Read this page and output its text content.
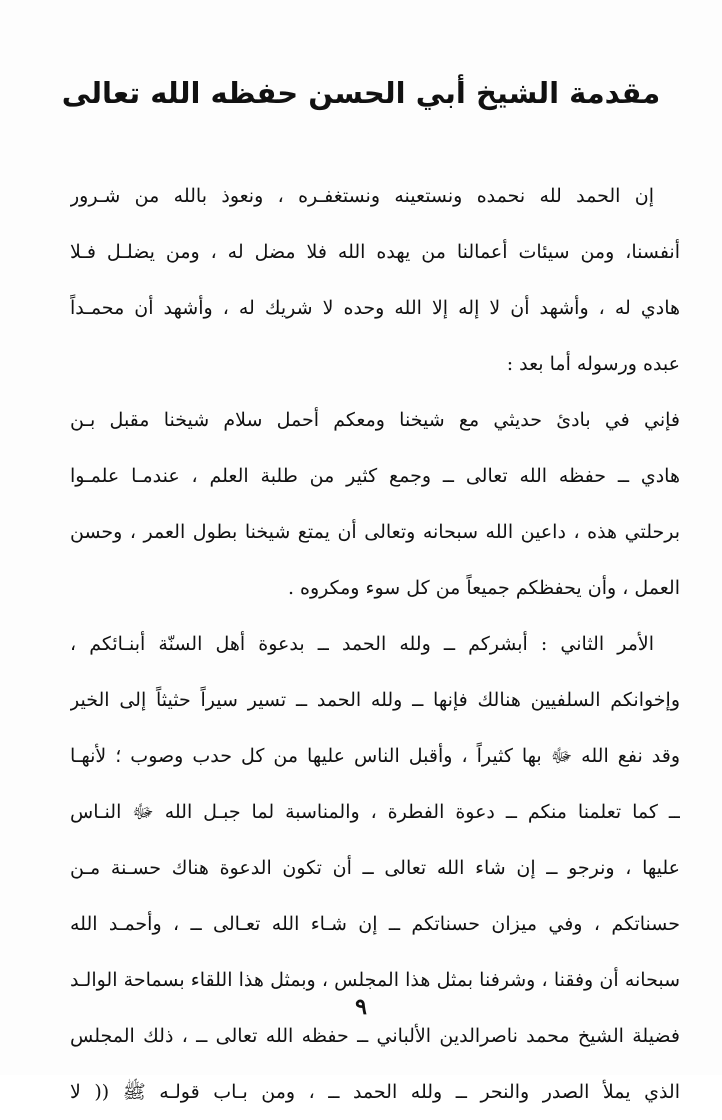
مقدمة الشيخ أبي الحسن حفظه الله تعالى
إن الحمد لله نحمده ونستعينه ونستغفـره ، ونعوذ بالله من شـرور
أنفسنا، ومن سيئات أعمالنا من يهده الله فلا مضل له ، ومن يضلـل فـلا
هادي له ، وأشهد أن لا إله إلا الله وحده لا شريك له ، وأشهد أن محمـداً
عبده ورسوله أما بعد :
فإني في بادئ حديثي مع شيخنا ومعكم أحمل سلام شيخنا مقبل بـن
هادي ــ حفظه الله تعالى ــ وجمع كثير من طلبة العلم ، عندمـا علمـوا
برحلتي هذه ، داعين الله سبحانه وتعالى أن يمتع شيخنا بطول العمر ، وحسن
العمل ، وأن يحفظكم جميعاً من كل سوء ومكروه .
الأمر الثاني : أبشركم ــ ولله الحمد ــ بدعوة أهل السنّة أبنـائكم ،
وإخوانكم السلفيين هنالك فإنها ــ ولله الحمد ــ تسير سيراً حثيثاً إلى الخير
وقد نفع الله ﷻ بها كثيراً ، وأقبل الناس عليها من كل حدب وصوب ؛ لأنهـا
ــ كما تعلمنا منكم ــ دعوة الفطرة ، والمناسبة لما جبـل الله ﷻ النـاس
عليها ، ونرجو ــ إن شاء الله تعالى ــ أن تكون الدعوة هناك حسـنة مـن
حسناتكم ، وفي ميزان حسناتكم ــ إن شـاء الله تعـالى ــ ، وأحمـد الله
سبحانه أن وفقنا ، وشرفنا بمثل هذا المجلس ، وبمثل هذا اللقاء بسماحة الوالـد
فضيلة الشيخ محمد ناصرالدين الألباني ــ حفظه الله تعالى ــ ، ذلك المجلس
الذي يملأ الصدر والنحر ــ ولله الحمد ــ ، ومن بـاب قولـه ﷺ (( لا
٩
